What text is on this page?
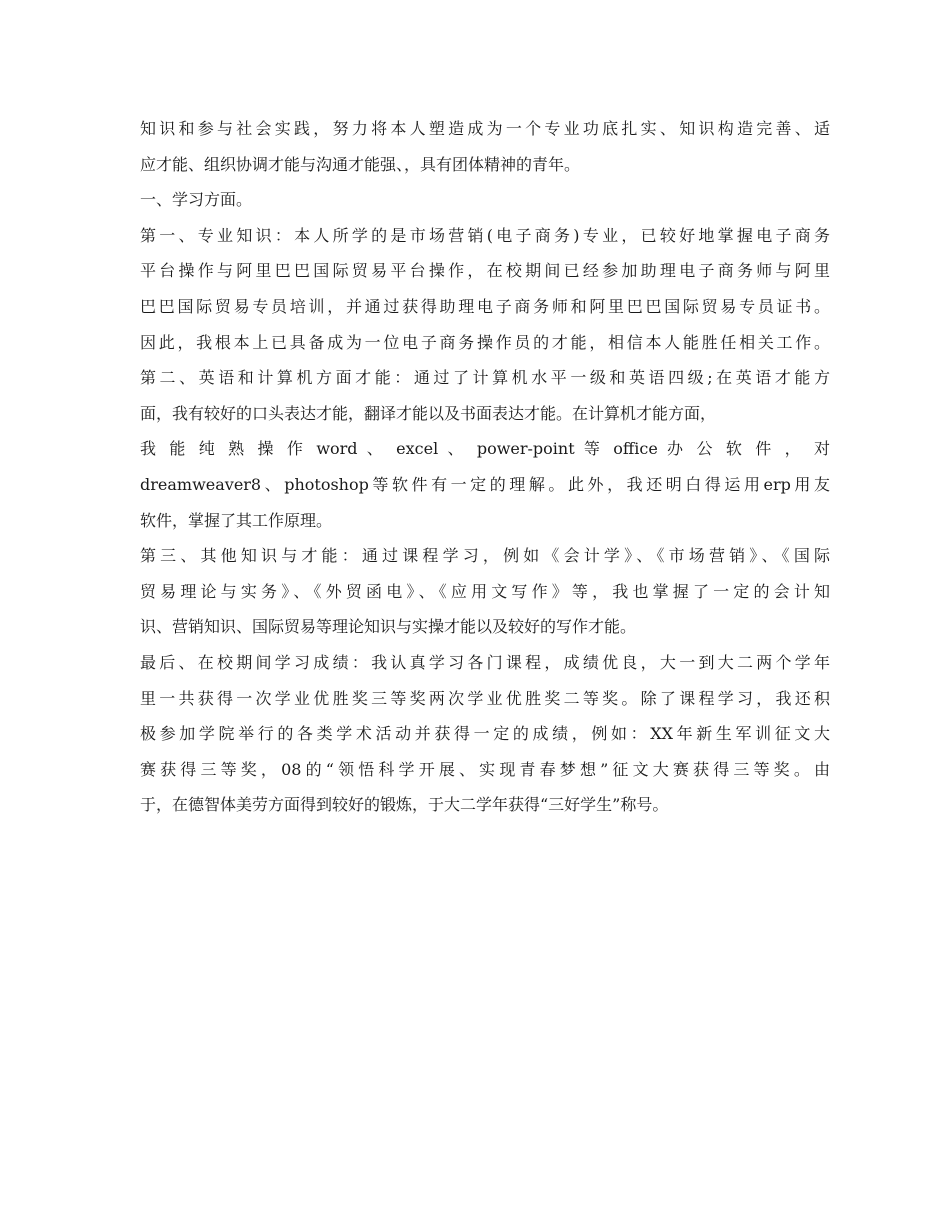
知识和参与社会实践，努力将本人塑造成为一个专业功底扎实、知识构造完善、适
应才能、组织协调才能与沟通才能强、，具有团体精神的青年。
一、学习方面。
第一、专业知识：本人所学的是市场营销(电子商务)专业，已较好地掌握电子商务
平台操作与阿里巴巴国际贸易平台操作，在校期间已经参加助理电子商务师与阿里
巴巴国际贸易专员培训，并通过获得助理电子商务师和阿里巴巴国际贸易专员证书。
因此，我根本上已具备成为一位电子商务操作员的才能，相信本人能胜任相关工作。
第二、英语和计算机方面才能：通过了计算机水平一级和英语四级;在英语才能方
面，我有较好的口头表达才能，翻译才能以及书面表达才能。在计算机才能方面，
我 能 纯 熟 操 作 word 、 excel 、 power-point 等 office 办 公 软 件 ， 对
dreamweaver8、photoshop等软件有一定的理解。此外，我还明白得运用erp用友
软件，掌握了其工作原理。
第三、其他知识与才能：通过课程学习，例如《会计学》、《市场营销》、《国际
贸易理论与实务》、《外贸函电》、《应用文写作》等，我也掌握了一定的会计知
识、营销知识、国际贸易等理论知识与实操才能以及较好的写作才能。
最后、在校期间学习成绩：我认真学习各门课程，成绩优良，大一到大二两个学年
里一共获得一次学业优胜奖三等奖两次学业优胜奖二等奖。除了课程学习，我还积
极参加学院举行的各类学术活动并获得一定的成绩，例如：XX年新生军训征文大
赛获得三等奖，08的“领悟科学开展、实现青春梦想”征文大赛获得三等奖。由
于，在德智体美劳方面得到较好的锻炼，于大二学年获得“三好学生”称号。
